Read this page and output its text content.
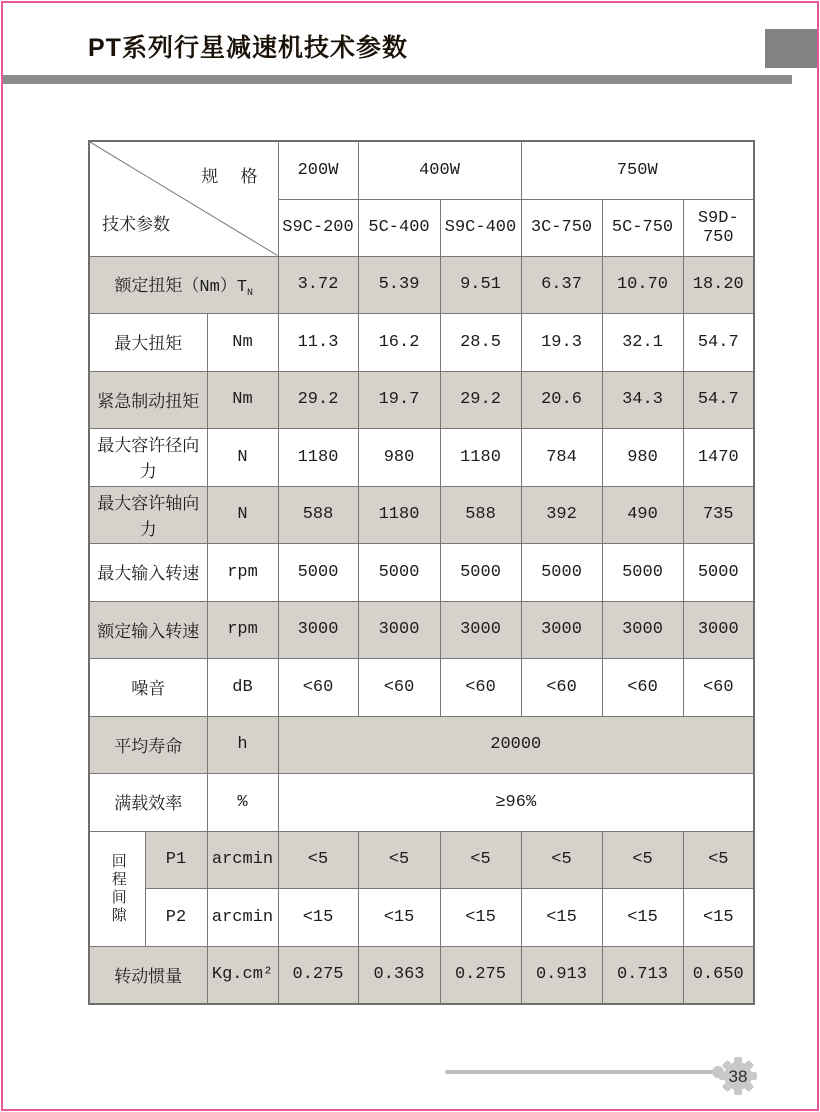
PT系列行星减速机技术参数
规 格
技术参数			200W	400W		750W		
			S9C-200	5C-400	S9C-400	3C-750	5C-750	S9D-750
额定扭矩$(Nm)T_N$			3.72	5.39	9.51	6.37	10.70	18.20
最大扭矩		Nm	11.3	16.2	28.5	19.3	32.1	54.7
紧急制动扭矩		Nm	29.2	19.7	29.2	20.6	34.3	54.7
最大容许径向力		N	1180	980	1180	784	980	1470
最大容许轴向力		N	588	1180	588	392	490	735
最大输入转速		rpm	5000	5000	5000	5000	5000	5000
额定输入转速		rpm	3000	3000	3000	3000	3000	3000
噪音		dB	<60	<60	<60	<60	<60	<60
平均寿命		h	20000					
满载效率		%	≥96%					

回程间隙	P1	arcmin	<5	<5	<5	<5	<5	<5
	P2	arcmin	<15	<15	<15	<15	<15	<15
转动惯量		Kg.cm²	0.275	0.363	0.275	0.913	0.713	0.650
38
